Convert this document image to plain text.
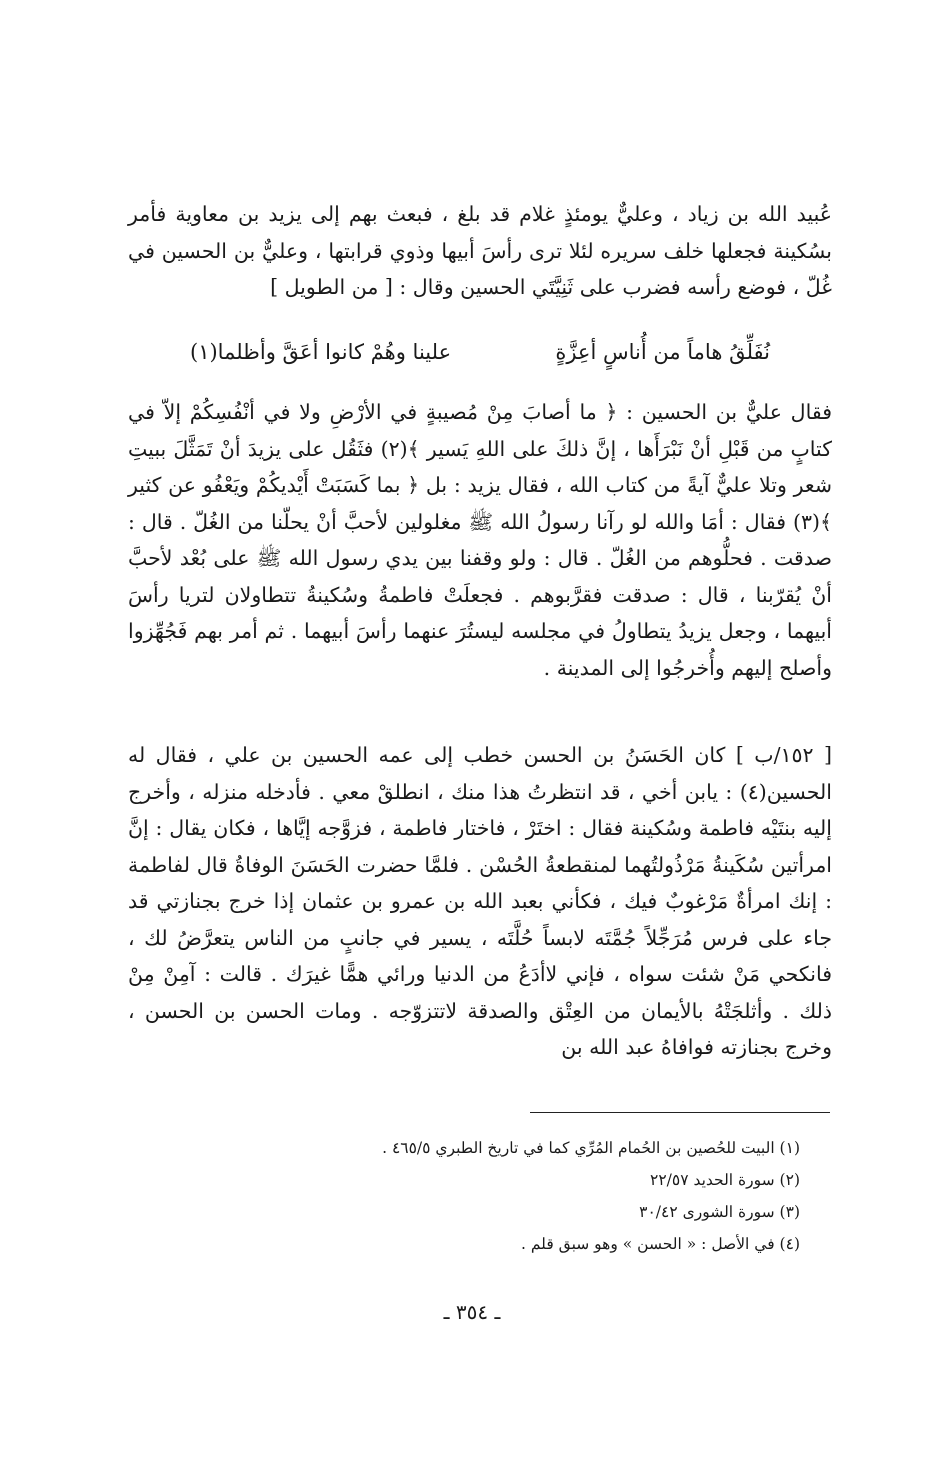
عُبيد الله بن زياد ، وعليٌّ يومئذٍ غلام قد بلغ ، فبعث بهم إلى يزيد بن معاوية فأمر بسُكينة فجعلها خلف سريره لئلا ترى رأسَ أبيها وذوي قرابتها ، وعليٌّ بن الحسين في غُلّ ، فوضع رأسه فضرب على ثَنِيَّتَي الحسين وقال : [ من الطويل ]

نُفَلِّقُ هاماً من أُناسٍ أعِزَّةٍ
علينا وهُمْ كانوا أعَقَّ وأظلما(١)

فقال عليٌّ بن الحسين : ﴿ ما أصابَ مِنْ مُصيبةٍ في الأرْضِ ولا في أنْفُسِكُمْ إلاّ في كتابٍ من قَبْلِ أنْ نَبْرَأَها ، إنَّ ذلكَ على اللهِ يَسير ﴾(٢) فثَقُل على يزيدَ أنْ تَمَثَّلَ ببيتِ شعر وتلا عليٌّ آيةً من كتاب الله ، فقال يزيد : بل ﴿ بما كَسَبَتْ أَيْديكُمْ ويَعْفُو عن كثير ﴾(٣) فقال : أمَا والله لو رآنا رسولُ الله ﷺ مغلولين لأحبَّ أنْ يحلّنا من الغُلّ . قال : صدقت . فحلُّوهم من الغُلّ . قال : ولو وقفنا بين يدي رسول الله ﷺ على بُعْد لأحبَّ أنْ يُقرّبنا ، قال : صدقت فقرَّبوهم . فجعلَتْ فاطمةُ وسُكينةُ تتطاولان لتريا رأسَ أبيهما ، وجعل يزيدُ يتطاولُ في مجلسه ليستُرَ عنهما رأسَ أبيهما . ثم أمر بهم فَجُهِّزوا وأصلح إليهم وأُخرجُوا إلى المدينة .

[ ١٥٢/ب ] كان الحَسَنُ بن الحسن خطب إلى عمه الحسين بن علي ، فقال له الحسين(٤) : يابن أخي ، قد انتظرتُ هذا منك ، انطلقْ معي . فأدخله منزله ، وأخرج إليه بنتَيْه فاطمة وسُكينة فقال : اختَرْ ، فاختار فاطمة ، فزوَّجه إيَّاها ، فكان يقال : إنَّ امرأتين سُكَينةُ مَرْذُولتُهما لمنقطعةُ الحُسْن . فلمَّا حضرت الحَسَنَ الوفاةُ قال لفاطمة : إنك امرأةٌ مَرْغوبٌ فيك ، فكأني بعبد الله بن عمرو بن عثمان إذا خرج بجنازتي قد جاء على فرس مُرَجِّلاً جُمَّتَه لابساً حُلَّتَه ، يسير في جانبٍ من الناس يتعرَّضُ لك ، فانكحي مَنْ شئت سواه ، فإني لاأدَعُ من الدنيا ورائي همًّا غيرَك . قالت : آمِنْ مِنْ ذلك . وأثلجَتْهُ بالأيمان من العِتْق والصدقة لاتتزوّجه . ومات الحسن بن الحسن ، وخرج بجنازته فوافاهُ عبد الله بن

(١) البيت للحُصين بن الحُمام المُرِّي كما في تاريخ الطبري ٤٦٥/٥ .
(٢) سورة الحديد ٢٢/٥٧
(٣) سورة الشورى ٣٠/٤٢
(٤) في الأصل : « الحسن » وهو سبق قلم .
ـ ٣٥٤ ـ
